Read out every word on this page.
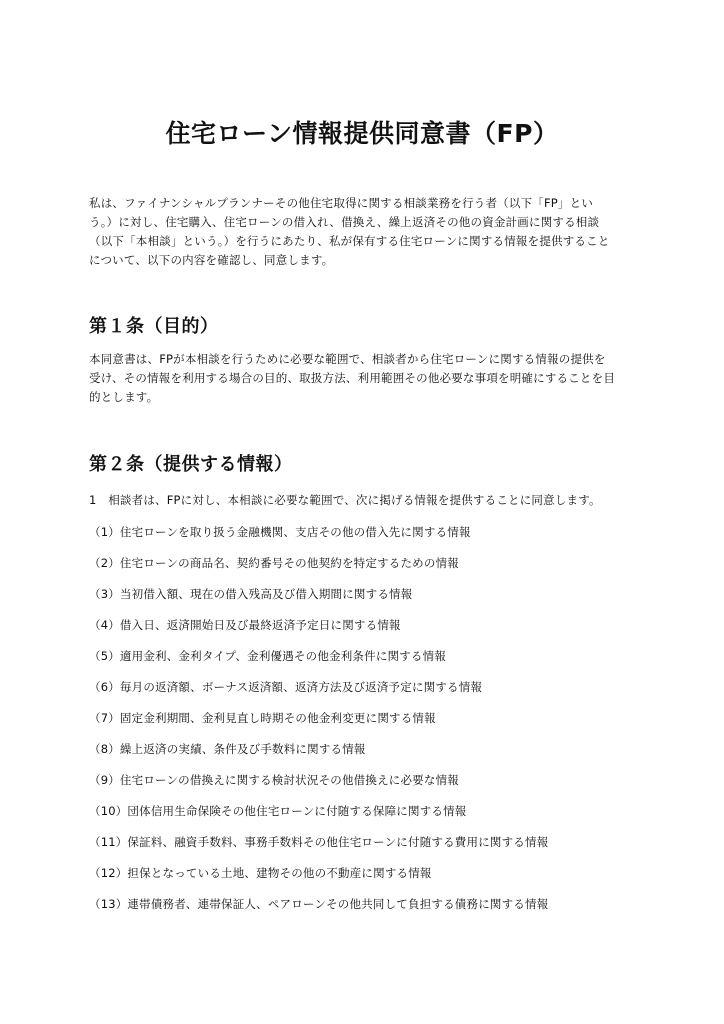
住宅ローン情報提供同意書（FP）
私は、ファイナンシャルプランナーその他住宅取得に関する相談業務を行う者（以下「FP」とい
う。）に対し、住宅購入、住宅ローンの借入れ、借換え、繰上返済その他の資金計画に関する相談
（以下「本相談」という。）を行うにあたり、私が保有する住宅ローンに関する情報を提供すること
について、以下の内容を確認し、同意します。
第１条（目的）
本同意書は、FPが本相談を行うために必要な範囲で、相談者から住宅ローンに関する情報の提供を
受け、その情報を利用する場合の目的、取扱方法、利用範囲その他必要な事項を明確にすることを目
的とします。
第２条（提供する情報）
1　相談者は、FPに対し、本相談に必要な範囲で、次に掲げる情報を提供することに同意します。
（1）住宅ローンを取り扱う金融機関、支店その他の借入先に関する情報
（2）住宅ローンの商品名、契約番号その他契約を特定するための情報
（3）当初借入額、現在の借入残高及び借入期間に関する情報
（4）借入日、返済開始日及び最終返済予定日に関する情報
（5）適用金利、金利タイプ、金利優遇その他金利条件に関する情報
（6）毎月の返済額、ボーナス返済額、返済方法及び返済予定に関する情報
（7）固定金利期間、金利見直し時期その他金利変更に関する情報
（8）繰上返済の実績、条件及び手数料に関する情報
（9）住宅ローンの借換えに関する検討状況その他借換えに必要な情報
（10）団体信用生命保険その他住宅ローンに付随する保障に関する情報
（11）保証料、融資手数料、事務手数料その他住宅ローンに付随する費用に関する情報
（12）担保となっている土地、建物その他の不動産に関する情報
（13）連帯債務者、連帯保証人、ペアローンその他共同して負担する債務に関する情報
